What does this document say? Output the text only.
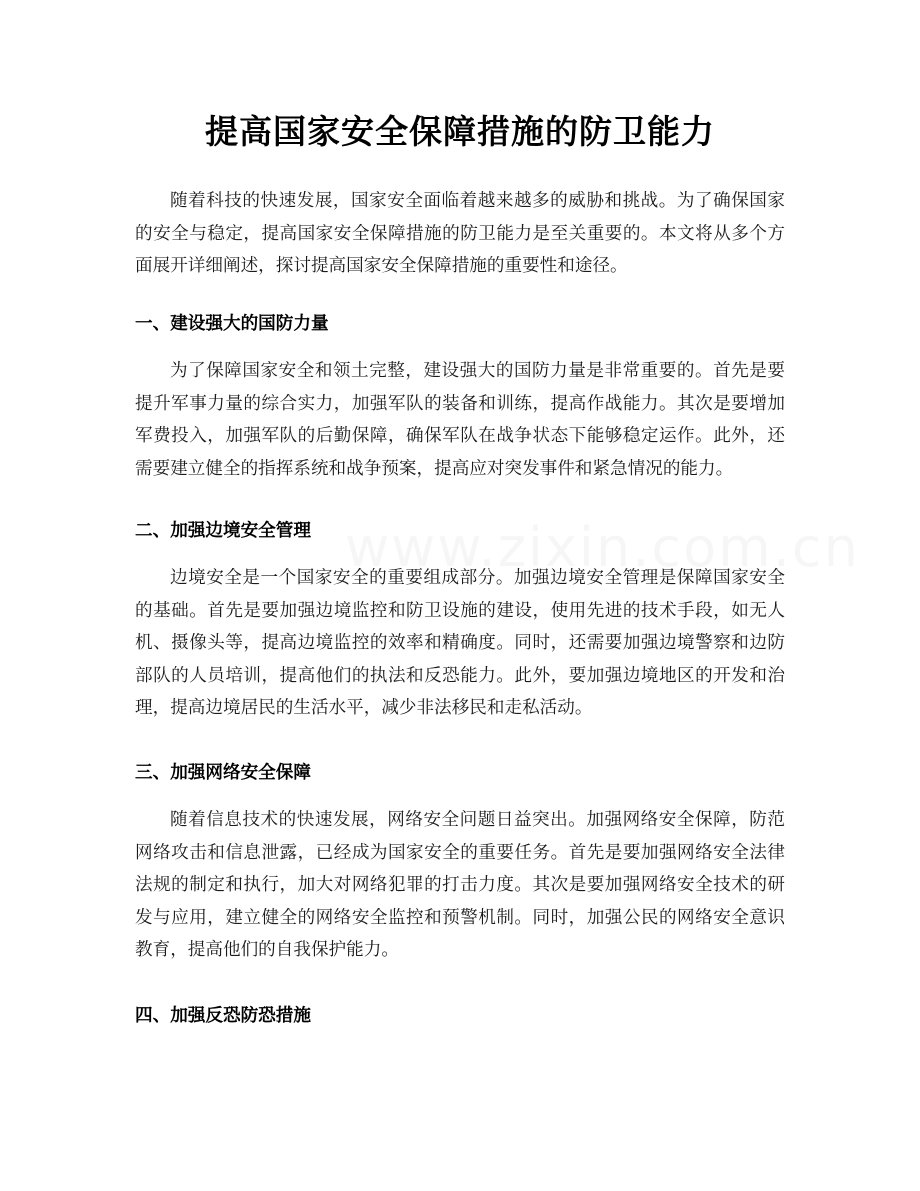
提高国家安全保障措施的防卫能力

随着科技的快速发展，国家安全面临着越来越多的威胁和挑战。为了确保国家的安全与稳定，提高国家安全保障措施的防卫能力是至关重要的。本文将从多个方面展开详细阐述，探讨提高国家安全保障措施的重要性和途径。

一、建设强大的国防力量

为了保障国家安全和领土完整，建设强大的国防力量是非常重要的。首先是要提升军事力量的综合实力，加强军队的装备和训练，提高作战能力。其次是要增加军费投入，加强军队的后勤保障，确保军队在战争状态下能够稳定运作。此外，还需要建立健全的指挥系统和战争预案，提高应对突发事件和紧急情况的能力。

二、加强边境安全管理

边境安全是一个国家安全的重要组成部分。加强边境安全管理是保障国家安全的基础。首先是要加强边境监控和防卫设施的建设，使用先进的技术手段，如无人机、摄像头等，提高边境监控的效率和精确度。同时，还需要加强边境警察和边防部队的人员培训，提高他们的执法和反恐能力。此外，要加强边境地区的开发和治理，提高边境居民的生活水平，减少非法移民和走私活动。

三、加强网络安全保障

随着信息技术的快速发展，网络安全问题日益突出。加强网络安全保障，防范网络攻击和信息泄露，已经成为国家安全的重要任务。首先是要加强网络安全法律法规的制定和执行，加大对网络犯罪的打击力度。其次是要加强网络安全技术的研发与应用，建立健全的网络安全监控和预警机制。同时，加强公民的网络安全意识教育，提高他们的自我保护能力。

四、加强反恐防恐措施
